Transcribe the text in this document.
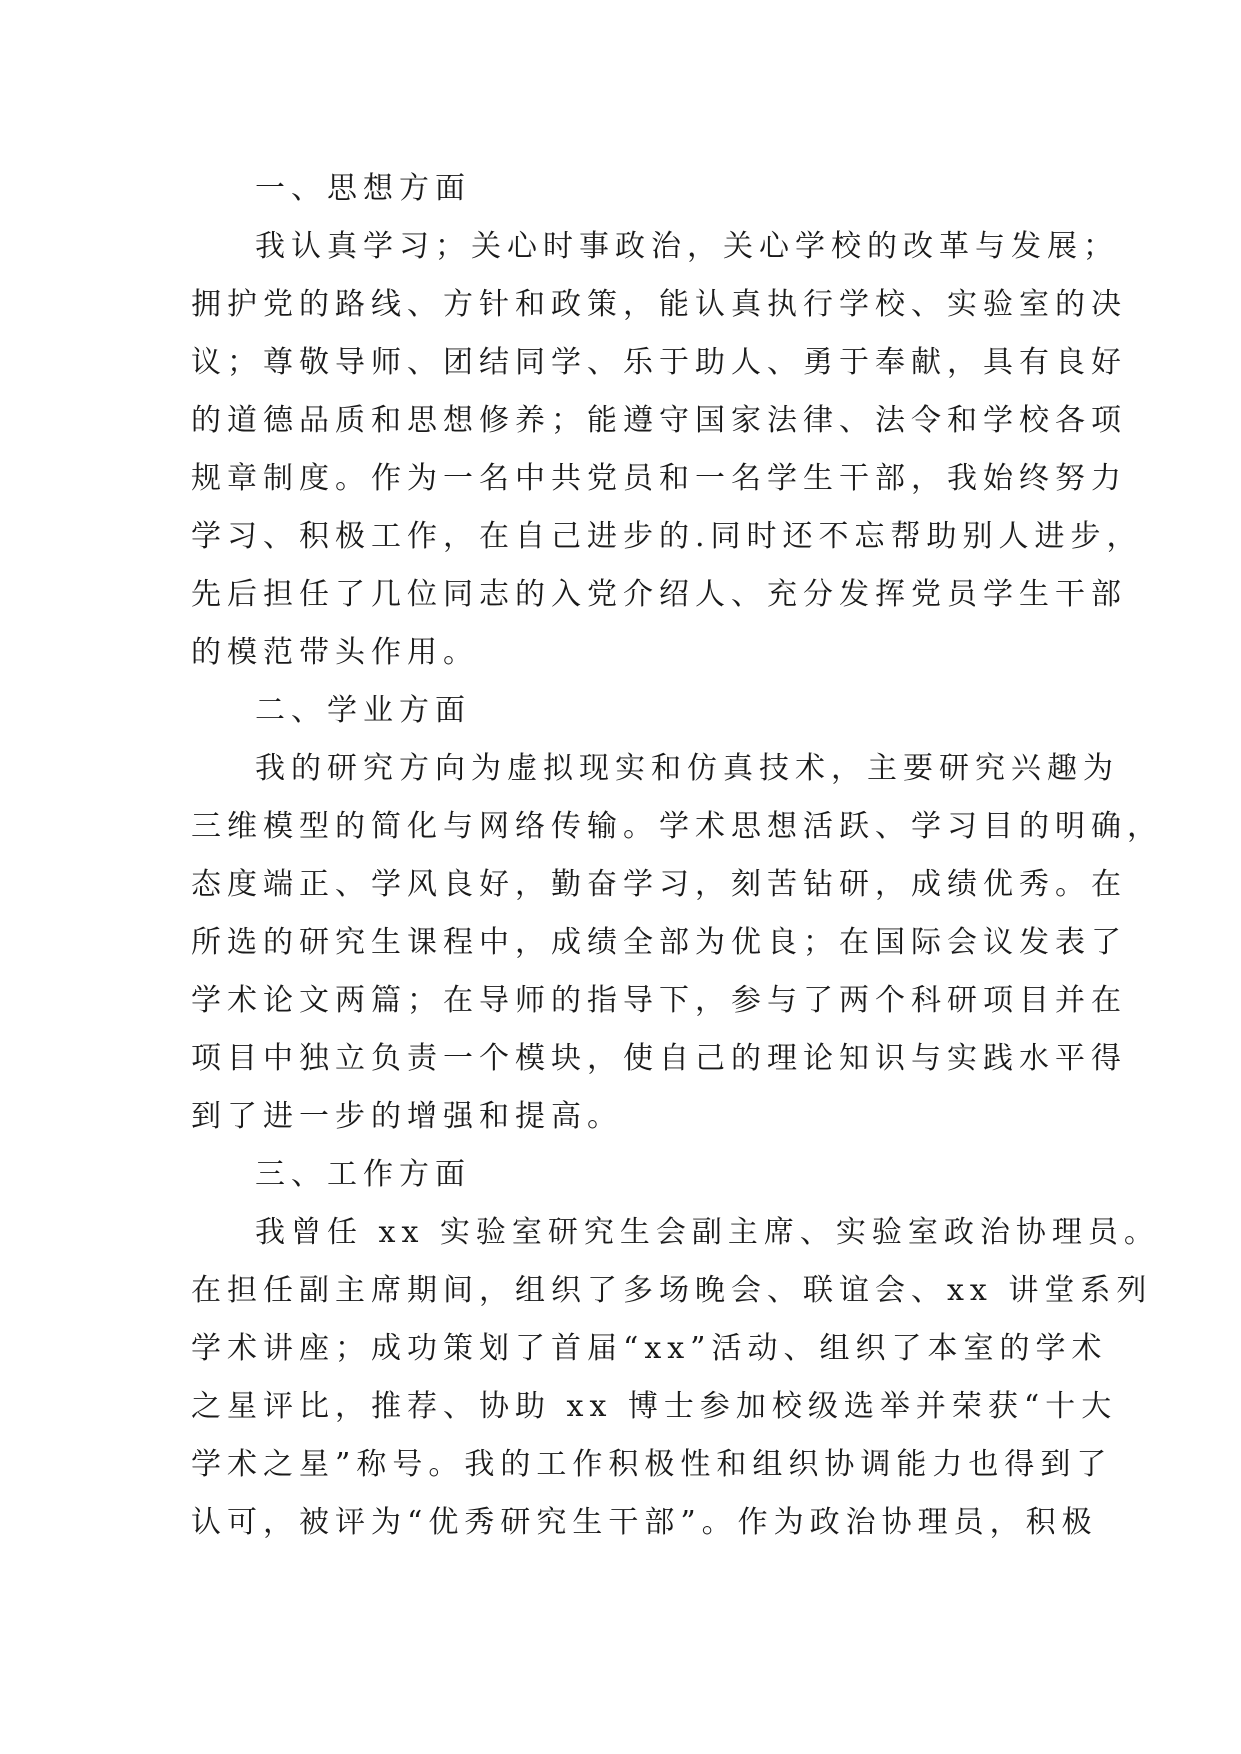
一、思想方面
我认真学习；关心时事政治，关心学校的改革与发展；
拥护党的路线、方针和政策，能认真执行学校、实验室的决
议；尊敬导师、团结同学、乐于助人、勇于奉献，具有良好
的道德品质和思想修养；能遵守国家法律、法令和学校各项
规章制度。作为一名中共党员和一名学生干部，我始终努力
学习、积极工作，在自己进步的.同时还不忘帮助别人进步，
先后担任了几位同志的入党介绍人、充分发挥党员学生干部
的模范带头作用。
二、学业方面
我的研究方向为虚拟现实和仿真技术，主要研究兴趣为
三维模型的简化与网络传输。学术思想活跃、学习目的明确，
态度端正、学风良好，勤奋学习，刻苦钻研，成绩优秀。在
所选的研究生课程中，成绩全部为优良；在国际会议发表了
学术论文两篇；在导师的指导下，参与了两个科研项目并在
项目中独立负责一个模块，使自己的理论知识与实践水平得
到了进一步的增强和提高。
三、工作方面
我曾任 xx 实验室研究生会副主席、实验室政治协理员。
在担任副主席期间，组织了多场晚会、联谊会、xx 讲堂系列
学术讲座；成功策划了首届“xx”活动、组织了本室的学术
之星评比，推荐、协助 xx 博士参加校级选举并荣获“十大
学术之星”称号。我的工作积极性和组织协调能力也得到了
认可，被评为“优秀研究生干部”。作为政治协理员，积极
